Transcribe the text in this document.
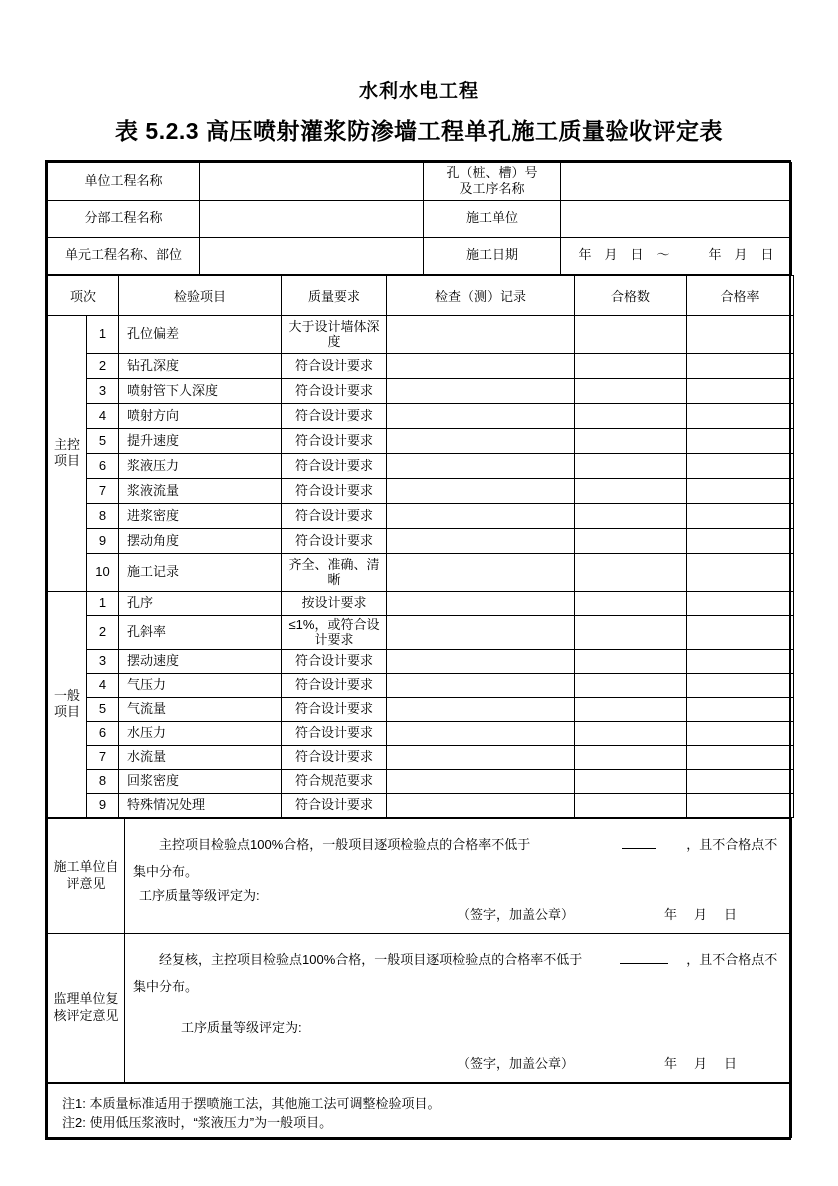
水利水电工程
表 5.2.3 高压喷射灌浆防渗墙工程单孔施工质量验收评定表
单位工程名称		孔（桩、槽）号
及工序名称	

分部工程名称		施工单位	
单元工程名称、部位		施工日期	年　月　日　～　　　年　月　日
项次		检验项目	质量要求	检查（测）记录	合格数	合格率
主控项目	1	孔位偏差	大于设计墙体深度			
	2	钻孔深度	符合设计要求			
	3	喷射管下人深度	符合设计要求			
	4	喷射方向	符合设计要求			
	5	提升速度	符合设计要求			
	6	浆液压力	符合设计要求			
	7	浆液流量	符合设计要求			
	8	进浆密度	符合设计要求			
	9	摆动角度	符合设计要求			
	10	施工记录	齐全、准确、清晰			
一般项目	1	孔序	按设计要求			
	2	孔斜率	≤1%，或符合设计要求			
	3	摆动速度	符合设计要求			
	4	气压力	符合设计要求			
	5	气流量	符合设计要求			
	6	水压力	符合设计要求			
	7	水流量	符合设计要求			
	8	回浆密度	符合规范要求			
	9	特殊情况处理	符合设计要求			
施工单位自评意见	主控项目检验点100%合格，一般项目逐项检验点的合格率不低于 ，且不合格点不集中分布。
工序质量等级评定为:
（签字，加盖公章） 年　月　日

监理单位复核评定意见	经复核，主控项目检验点100%合格，一般项目逐项检验点的合格率不低于 ，且不合格点不集中分布。
工序质量等级评定为:
（签字，加盖公章） 年　月　日
注1: 本质量标准适用于摆喷施工法，其他施工法可调整检验项目。
注2: 使用低压浆液时，“浆液压力”为一般项目。
